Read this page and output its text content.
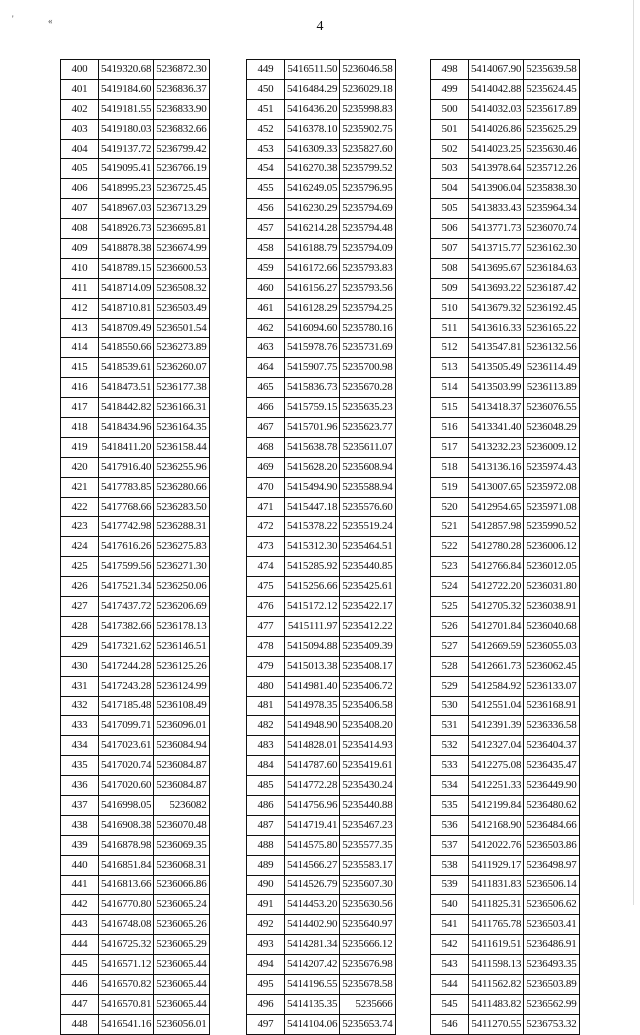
'	«	4
400	5419320.68	5236872.30
401	5419184.60	5236836.37
402	5419181.55	5236833.90
403	5419180.03	5236832.66
404	5419137.72	5236799.42
405	5419095.41	5236766.19
406	5418995.23	5236725.45
407	5418967.03	5236713.29
408	5418926.73	5236695.81
409	5418878.38	5236674.99
410	5418789.15	5236600.53
411	5418714.09	5236508.32
412	5418710.81	5236503.49
413	5418709.49	5236501.54
414	5418550.66	5236273.89
415	5418539.61	5236260.07
416	5418473.51	5236177.38
417	5418442.82	5236166.31
418	5418434.96	5236164.35
419	5418411.20	5236158.44
420	5417916.40	5236255.96
421	5417783.85	5236280.66
422	5417768.66	5236283.50
423	5417742.98	5236288.31
424	5417616.26	5236275.83
425	5417599.56	5236271.30
426	5417521.34	5236250.06
427	5417437.72	5236206.69
428	5417382.66	5236178.13
429	5417321.62	5236146.51
430	5417244.28	5236125.26
431	5417243.28	5236124.99
432	5417185.48	5236108.49
433	5417099.71	5236096.01
434	5417023.61	5236084.94
435	5417020.74	5236084.87
436	5417020.60	5236084.87
437	5416998.05	5236082
438	5416908.38	5236070.48
439	5416878.98	5236069.35
440	5416851.84	5236068.31
441	5416813.66	5236066.86
442	5416770.80	5236065.24
443	5416748.08	5236065.26
444	5416725.32	5236065.29
445	5416571.12	5236065.44
446	5416570.82	5236065.44
447	5416570.81	5236065.44
448	5416541.16	5236056.01
449	5416511.50	5236046.58
450	5416484.29	5236029.18
451	5416436.20	5235998.83
452	5416378.10	5235902.75
453	5416309.33	5235827.60
454	5416270.38	5235799.52
455	5416249.05	5235796.95
456	5416230.29	5235794.69
457	5416214.28	5235794.48
458	5416188.79	5235794.09
459	5416172.66	5235793.83
460	5416156.27	5235793.56
461	5416128.29	5235794.25
462	5416094.60	5235780.16
463	5415978.76	5235731.69
464	5415907.75	5235700.98
465	5415836.73	5235670.28
466	5415759.15	5235635.23
467	5415701.96	5235623.77
468	5415638.78	5235611.07
469	5415628.20	5235608.94
470	5415494.90	5235588.94
471	5415447.18	5235576.60
472	5415378.22	5235519.24
473	5415312.30	5235464.51
474	5415285.92	5235440.85
475	5415256.66	5235425.61
476	5415172.12	5235422.17
477	5415111.97	5235412.22
478	5415094.88	5235409.39
479	5415013.38	5235408.17
480	5414981.40	5235406.72
481	5414978.35	5235406.58
482	5414948.90	5235408.20
483	5414828.01	5235414.93
484	5414787.60	5235419.61
485	5414772.28	5235430.24
486	5414756.96	5235440.88
487	5414719.41	5235467.23
488	5414575.80	5235577.35
489	5414566.27	5235583.17
490	5414526.79	5235607.30
491	5414453.20	5235630.56
492	5414402.90	5235640.97
493	5414281.34	5235666.12
494	5414207.42	5235676.98
495	5414196.55	5235678.58
496	5414135.35	5235666
497	5414104.06	5235653.74
498	5414067.90	5235639.58
499	5414042.88	5235624.45
500	5414032.03	5235617.89
501	5414026.86	5235625.29
502	5414023.25	5235630.46
503	5413978.64	5235712.26
504	5413906.04	5235838.30
505	5413833.43	5235964.34
506	5413771.73	5236070.74
507	5413715.77	5236162.30
508	5413695.67	5236184.63
509	5413693.22	5236187.42
510	5413679.32	5236192.45
511	5413616.33	5236165.22
512	5413547.81	5236132.56
513	5413505.49	5236114.49
514	5413503.99	5236113.89
515	5413418.37	5236076.55
516	5413341.40	5236048.29
517	5413232.23	5236009.12
518	5413136.16	5235974.43
519	5413007.65	5235972.08
520	5412954.65	5235971.08
521	5412857.98	5235990.52
522	5412780.28	5236006.12
523	5412766.84	5236012.05
524	5412722.20	5236031.80
525	5412705.32	5236038.91
526	5412701.84	5236040.68
527	5412669.59	5236055.03
528	5412661.73	5236062.45
529	5412584.92	5236133.07
530	5412551.04	5236168.91
531	5412391.39	5236336.58
532	5412327.04	5236404.37
533	5412275.08	5236435.47
534	5412251.33	5236449.90
535	5412199.84	5236480.62
536	5412168.90	5236484.66
537	5412022.76	5236503.86
538	5411929.17	5236498.97
539	5411831.83	5236506.14
540	5411825.31	5236506.62
541	5411765.78	5236503.41
542	5411619.51	5236486.91
543	5411598.13	5236493.35
544	5411562.82	5236503.89
545	5411483.82	5236562.99
546	5411270.55	5236753.32
